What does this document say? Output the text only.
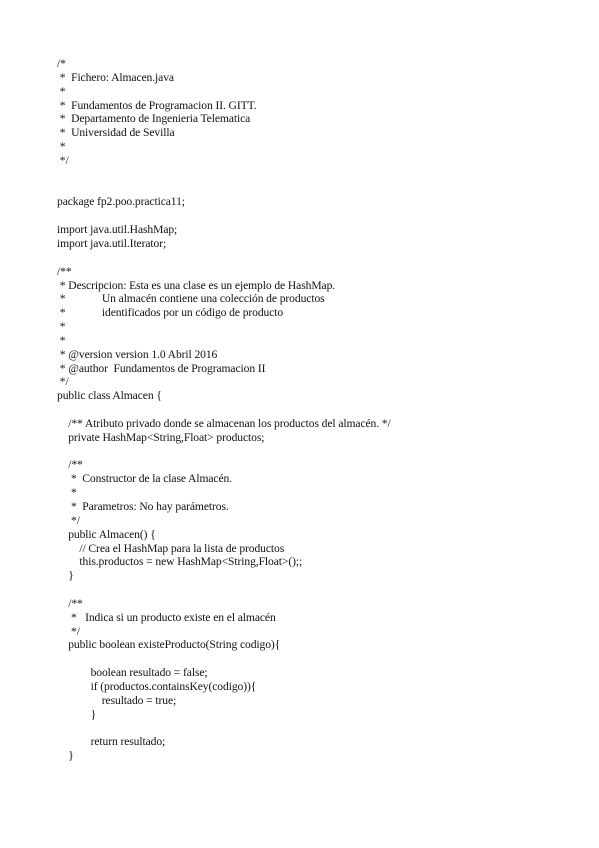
/*
*  Fichero: Almacen.java
*
*  Fundamentos de Programacion II. GITT.
*  Departamento de Ingenieria Telematica
*  Universidad de Sevilla
*
*/
package fp2.poo.practica11;
import java.util.HashMap;
import java.util.Iterator;
/**
* Descripcion: Esta es una clase es un ejemplo de HashMap.
*             Un almacén contiene una colección de productos
*             identificados por un código de producto
*
*
* @version version 1.0 Abril 2016
* @author  Fundamentos de Programacion II
*/
public class Almacen {
/** Atributo privado donde se almacenan los productos del almacén. */
private HashMap<String,Float> productos;
/**
*  Constructor de la clase Almacén.
*
*  Parametros: No hay parámetros.
*/
public Almacen() {
// Crea el HashMap para la lista de productos
this.productos = new HashMap<String,Float>();;
}
/**
*   Indica si un producto existe en el almacén
*/
public boolean existeProducto(String codigo){
boolean resultado = false;
if (productos.containsKey(codigo)){
resultado = true;
}
return resultado;
}
